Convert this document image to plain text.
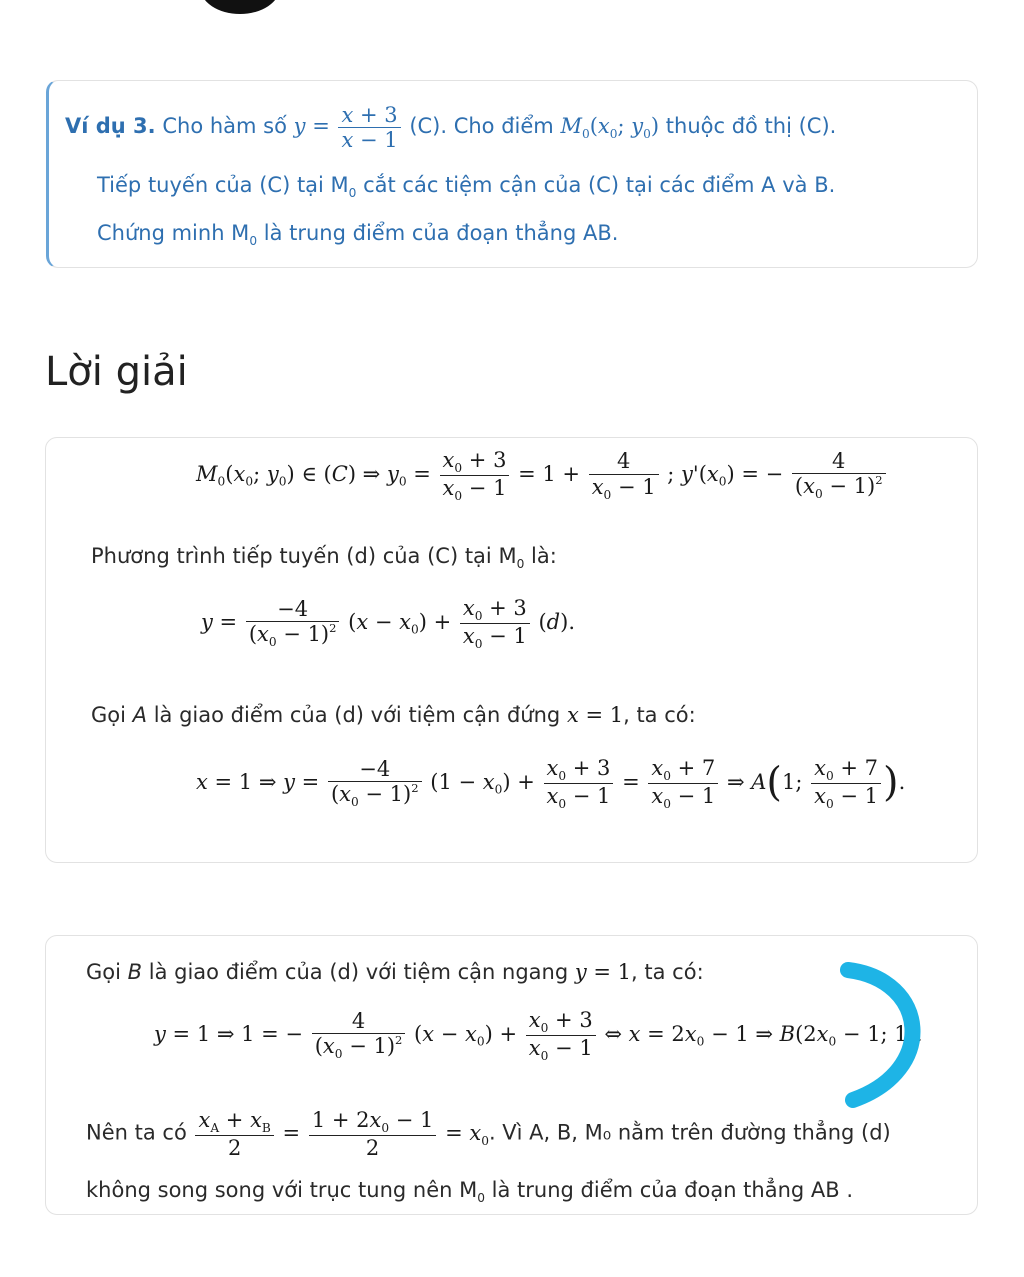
Ví dụ 3. Cho hàm số $y = \frac{x + 3}{x - 1} (C)$. Cho điểm $M_0(x_0$; $y_0$) thuộc đồ thị (C).
Tiếp tuyến của (C) tại $M_0$ cắt các tiệm cận của (C) tại các điểm A và B.
Chứng minh $M_0$ là trung điểm của đoạn thẳng AB.
Lời giải
$M_0(x_0$; $y_0$) ∈ (C) ⇒ $y_0 = \frac{x_0 + 3}{x_0 - 1} = 1 + \frac{4}{x_0 - 1}$ ; $y'(x_0)$ = − $\frac{4}{(x_0 - 1)^2}$
Phương trình tiếp tuyến (d) của (C) tại $M_0$ là:
$y = \frac{-4}{(x_0 - 1)^2} (x - x_0) + \frac{x_0 + 3}{x_0 - 1} (d)$.
Gọi A là giao điểm của (d) với tiệm cận đứng x = 1, ta có:
x = 1 ⇒ $y = \frac{-4}{(x_0 - 1)^2} (1 - x_0) + \frac{x_0 + 3}{x_0 - 1} = \frac{x_0 + 7}{x_0 - 1}$ ⇒ A(1; $\frac{x_0 + 7}{x_0 - 1}$ ).
Gọi B là giao điểm của (d) với tiệm cận ngang y = 1, ta có:
y = 1 ⇒ 1 = − $\frac{4}{(x_0 - 1)^2} (x - x_0) + \frac{x_0 + 3}{x_0 - 1}$ ⇔ $x = 2x_0 - 1$ ⇒ $B(2x_0 - 1$; 1).
Nên ta có $\frac{x_A + x_B}{2} = \frac{1 + 2x_0 - 1}{2} = x_0$. Vì A, B, M₀ nằm trên đường thẳng (d)
không song song với trục tung nên $M_0$ là trung điểm của đoạn thẳng AB .
